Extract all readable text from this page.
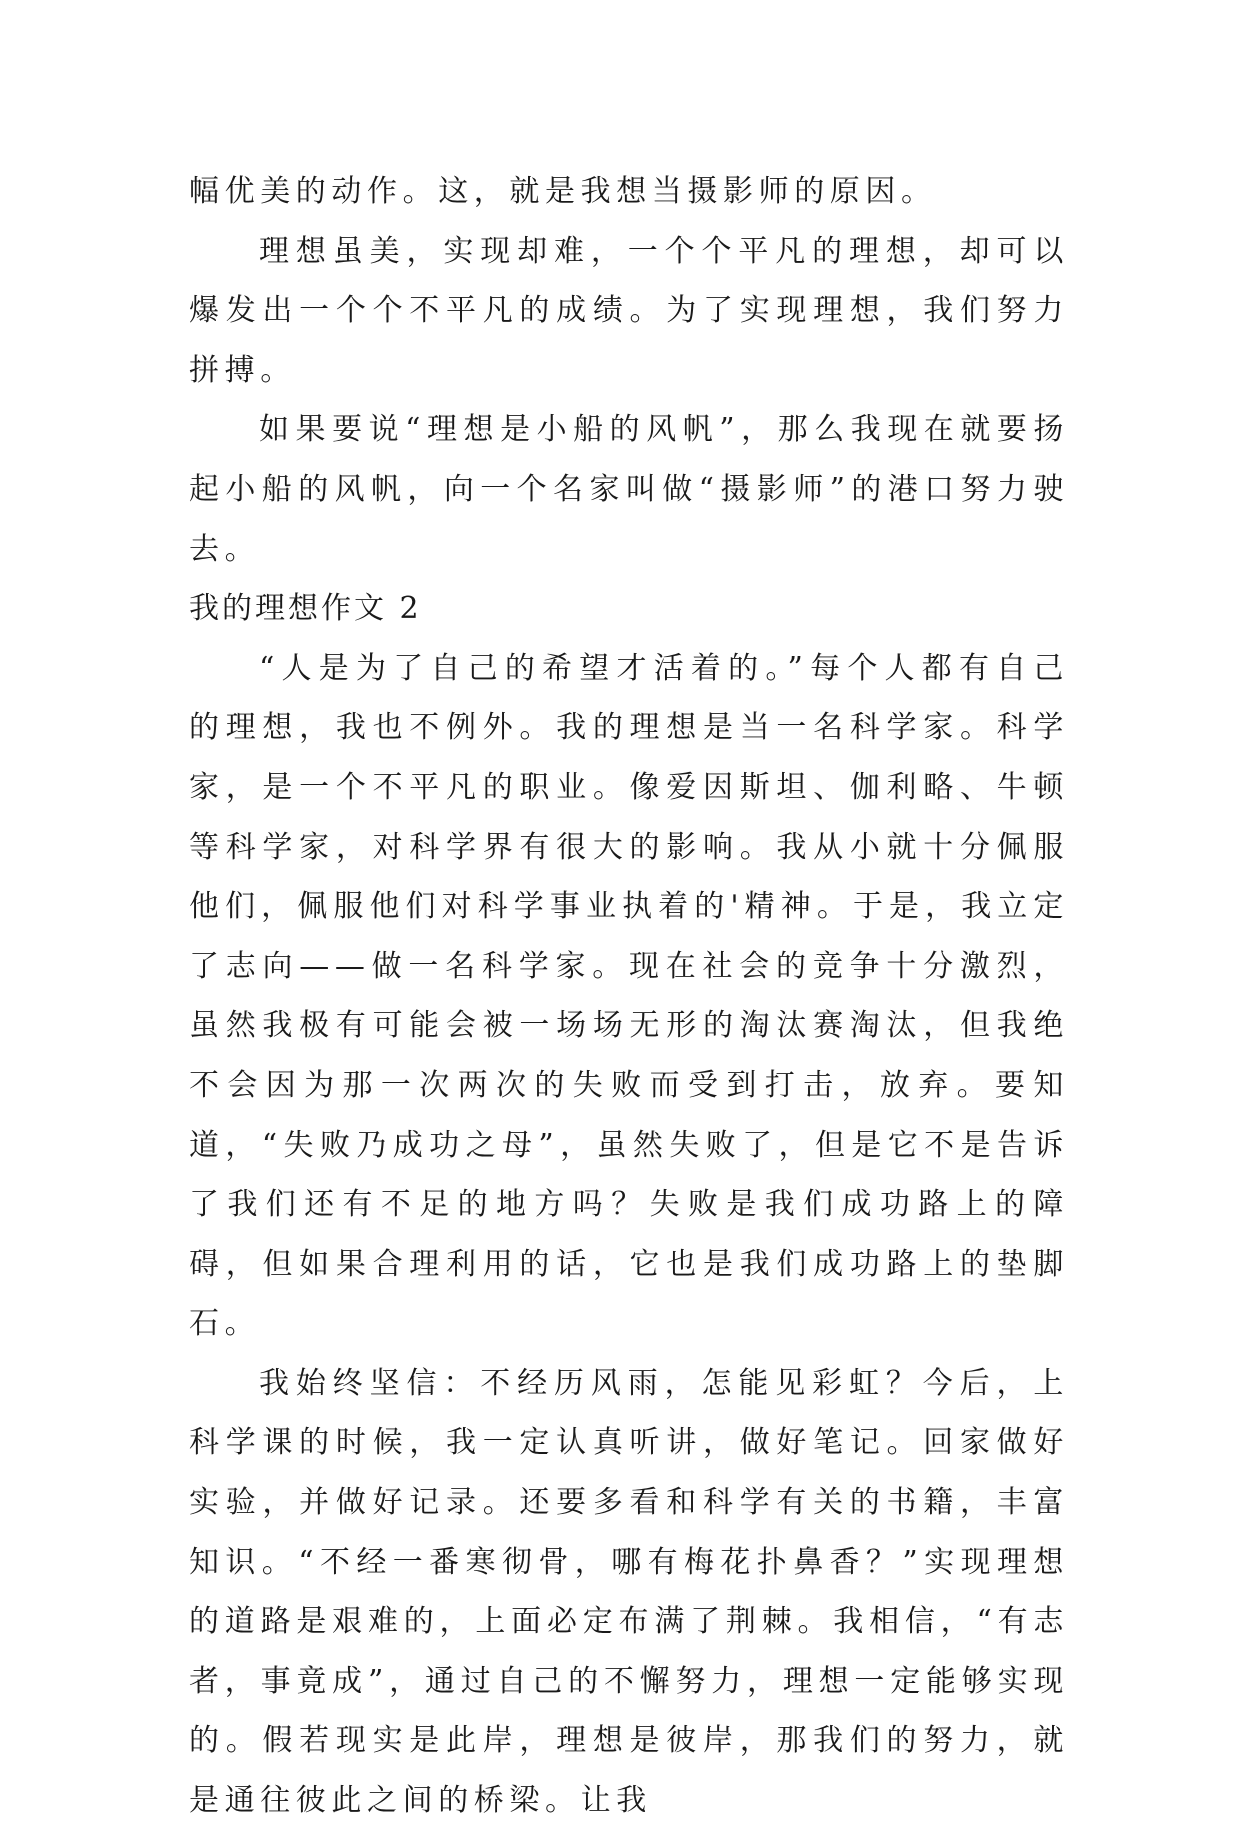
幅优美的动作。这，就是我想当摄影师的原因。

理想虽美，实现却难，一个个平凡的理想，却可以爆发出一个个不平凡的成绩。为了实现理想，我们努力拼搏。

如果要说“理想是小船的风帆”，那么我现在就要扬起小船的风帆，向一个名家叫做“摄影师”的港口努力驶去。

我的理想作文 2

“人是为了自己的希望才活着的。”每个人都有自己的理想，我也不例外。我的理想是当一名科学家。科学家，是一个不平凡的职业。像爱因斯坦、伽利略、牛顿等科学家，对科学界有很大的影响。我从小就十分佩服他们，佩服他们对科学事业执着的'精神。于是，我立定了志向——做一名科学家。现在社会的竞争十分激烈，虽然我极有可能会被一场场无形的淘汰赛淘汰，但我绝不会因为那一次两次的失败而受到打击，放弃。要知道，“失败乃成功之母”，虽然失败了，但是它不是告诉了我们还有不足的地方吗？失败是我们成功路上的障碍，但如果合理利用的话，它也是我们成功路上的垫脚石。

我始终坚信：不经历风雨，怎能见彩虹？今后，上科学课的时候，我一定认真听讲，做好笔记。回家做好实验，并做好记录。还要多看和科学有关的书籍，丰富知识。“不经一番寒彻骨，哪有梅花扑鼻香？”实现理想的道路是艰难的，上面必定布满了荆棘。我相信，“有志者，事竟成”，通过自己的不懈努力，理想一定能够实现的。假若现实是此岸，理想是彼岸，那我们的努力，就是通往彼此之间的桥梁。让我
